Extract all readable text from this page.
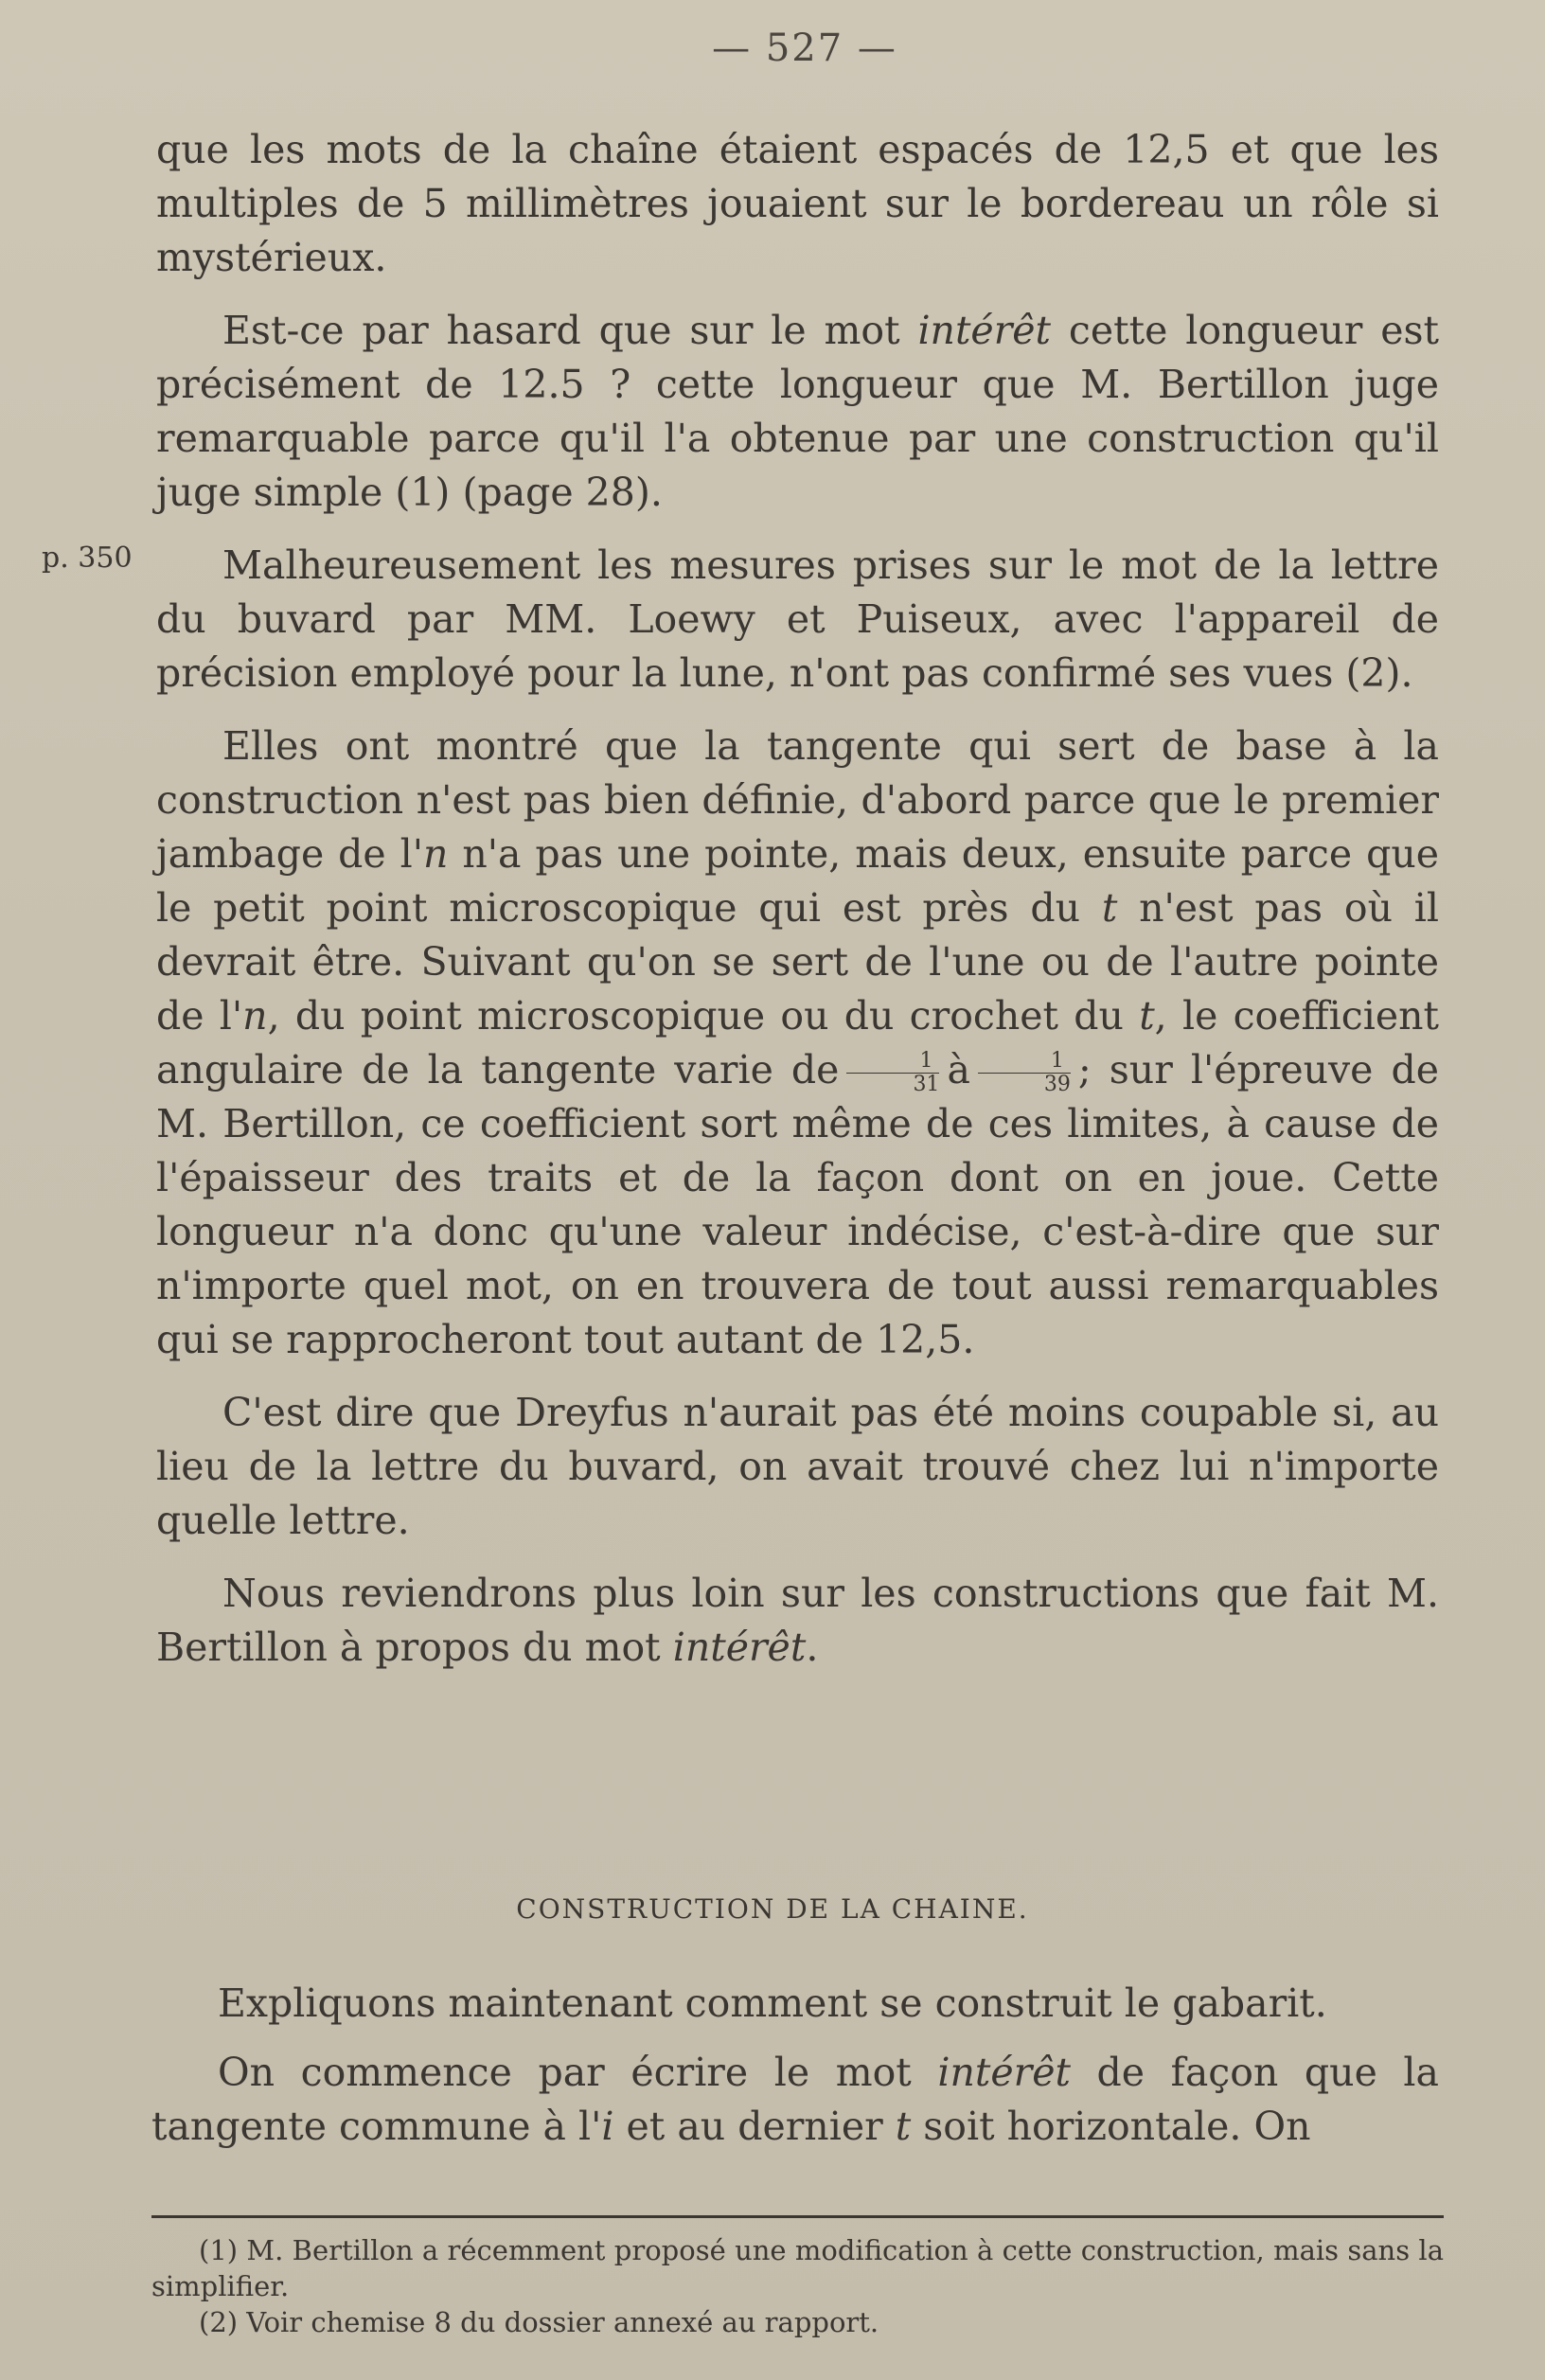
— 527 —
p. 350

que les mots de la chaîne étaient espacés de 12,5 et que les multiples de 5 millimètres jouaient sur le bordereau un rôle si mystérieux.

Est-ce par hasard que sur le mot intérêt cette longueur est précisément de 12.5 ? cette longueur que M. Bertillon juge remarquable parce qu'il l'a obtenue par une construction qu'il juge simple (1) (page 28).

Malheureusement les mesures prises sur le mot de la lettre du buvard par MM. Loewy et Puiseux, avec l'appareil de précision employé pour la lune, n'ont pas confirmé ses vues (2).

Elles ont montré que la tangente qui sert de base à la construction n'est pas bien définie, d'abord parce que le premier jambage de l'n n'a pas une pointe, mais deux, ensuite parce que le petit point microscopique qui est près du t n'est pas où il devrait être. Suivant qu'on se sert de l'une ou de l'autre pointe de l'n, du point microscopique ou du crochet du t, le coefficient angulaire de la tangente varie de $\frac{1}{31}$ à $\frac{1}{39}$ ; sur l'épreuve de M. Bertillon, ce coefficient sort même de ces limites, à cause de l'épaisseur des traits et de la façon dont on en joue. Cette longueur n'a donc qu'une valeur indécise, c'est-à-dire que sur n'importe quel mot, on en trouvera de tout aussi remarquables qui se rapprocheront tout autant de 12,5.

C'est dire que Dreyfus n'aurait pas été moins coupable si, au lieu de la lettre du buvard, on avait trouvé chez lui n'importe quelle lettre.

Nous reviendrons plus loin sur les constructions que fait M. Bertillon à propos du mot intérêt.

CONSTRUCTION DE LA CHAINE.

Expliquons maintenant comment se construit le gabarit.

On commence par écrire le mot intérêt de façon que la tangente commune à l'i et au dernier t soit horizontale. On

(1) M. Bertillon a récemment proposé une modification à cette construction, mais sans la simplifier.

(2) Voir chemise 8 du dossier annexé au rapport.
